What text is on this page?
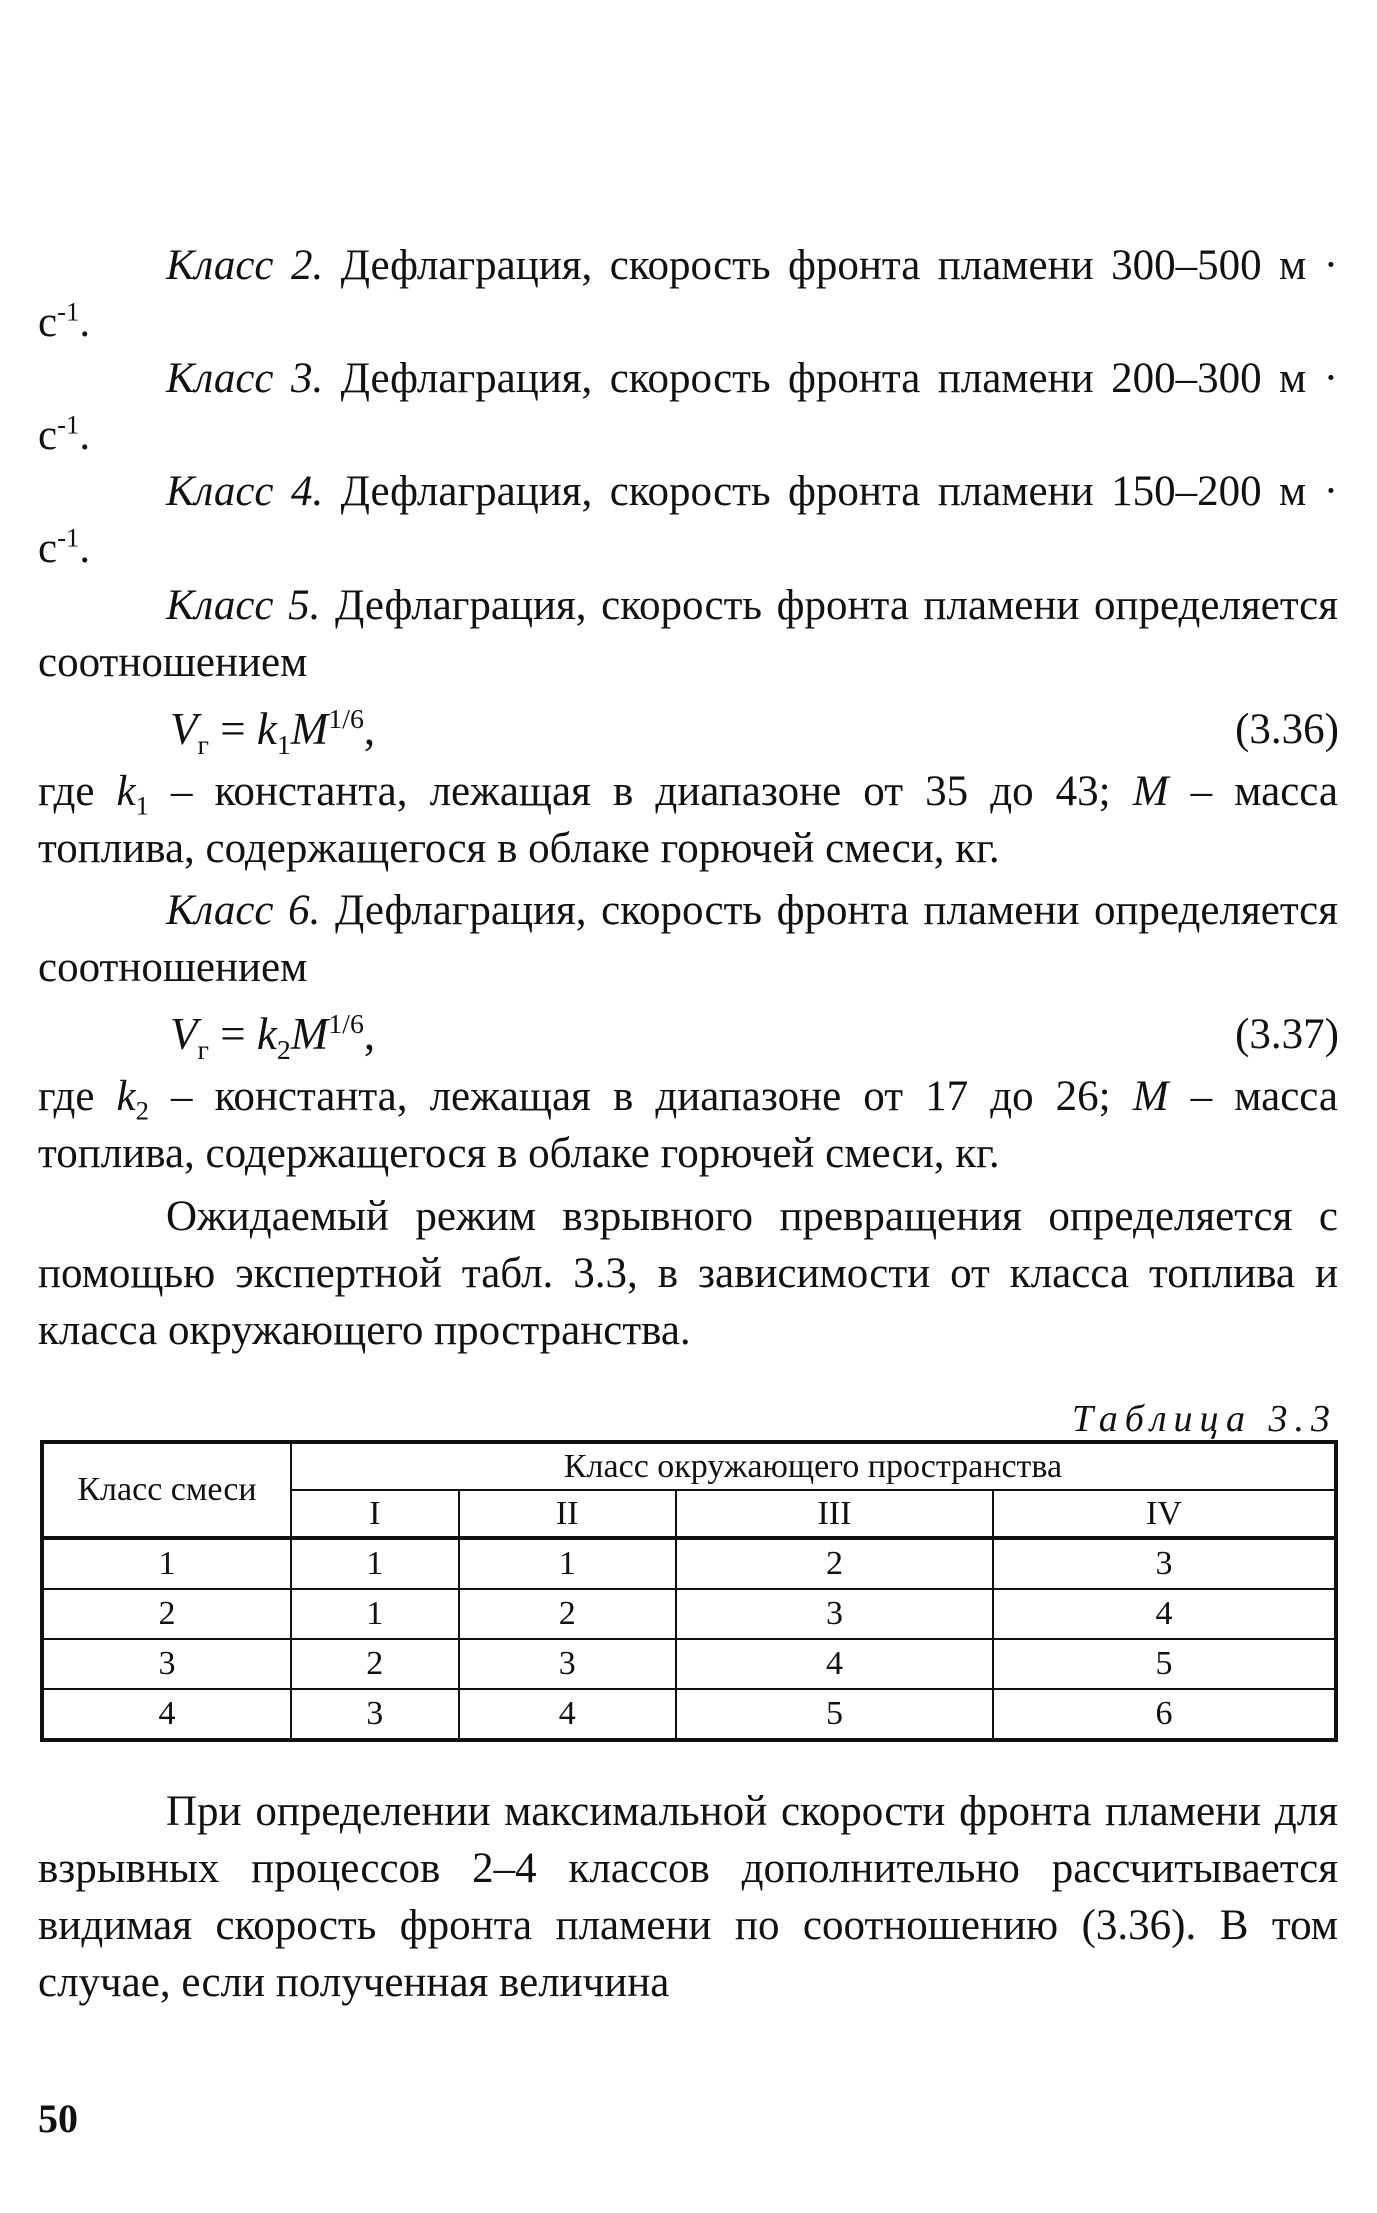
Класс 2. Дефлаграция, скорость фронта пламени 300–500 $м \cdot с^{-1}$.

Класс 3. Дефлаграция, скорость фронта пламени 200–300 $м \cdot с^{-1}$.

Класс 4. Дефлаграция, скорость фронта пламени 150–200 $м \cdot с^{-1}$.

Класс 5. Дефлаграция, скорость фронта пламени определяется соотношением

$V_г = k_1M^{1/6}$,	(3.36)

где $k_1$ – константа, лежащая в диапазоне от 35 до 43; M – масса топлива, содержащегося в облаке горючей смеси, кг.

Класс 6. Дефлаграция, скорость фронта пламени определяется соотношением

$V_г = k_2M^{1/6}$,	(3.37)

где $k_2$ – константа, лежащая в диапазоне от 17 до 26; M – масса топлива, содержащегося в облаке горючей смеси, кг.

Ожидаемый режим взрывного превращения определяется с помощью экспертной табл. 3.3, в зависимости от класса топлива и класса окружающего пространства.

Таблица 3.3
Класс смеси	Класс окружающего пространства			
	I	II	III	IV
1	1	1	2	3
2	1	2	3	4
3	2	3	4	5
4	3	4	5	6

При определении максимальной скорости фронта пламени для взрывных процессов 2–4 классов дополнительно рассчитывается видимая скорость фронта пламени по соотношению (3.36). В том случае, если полученная величина

50
